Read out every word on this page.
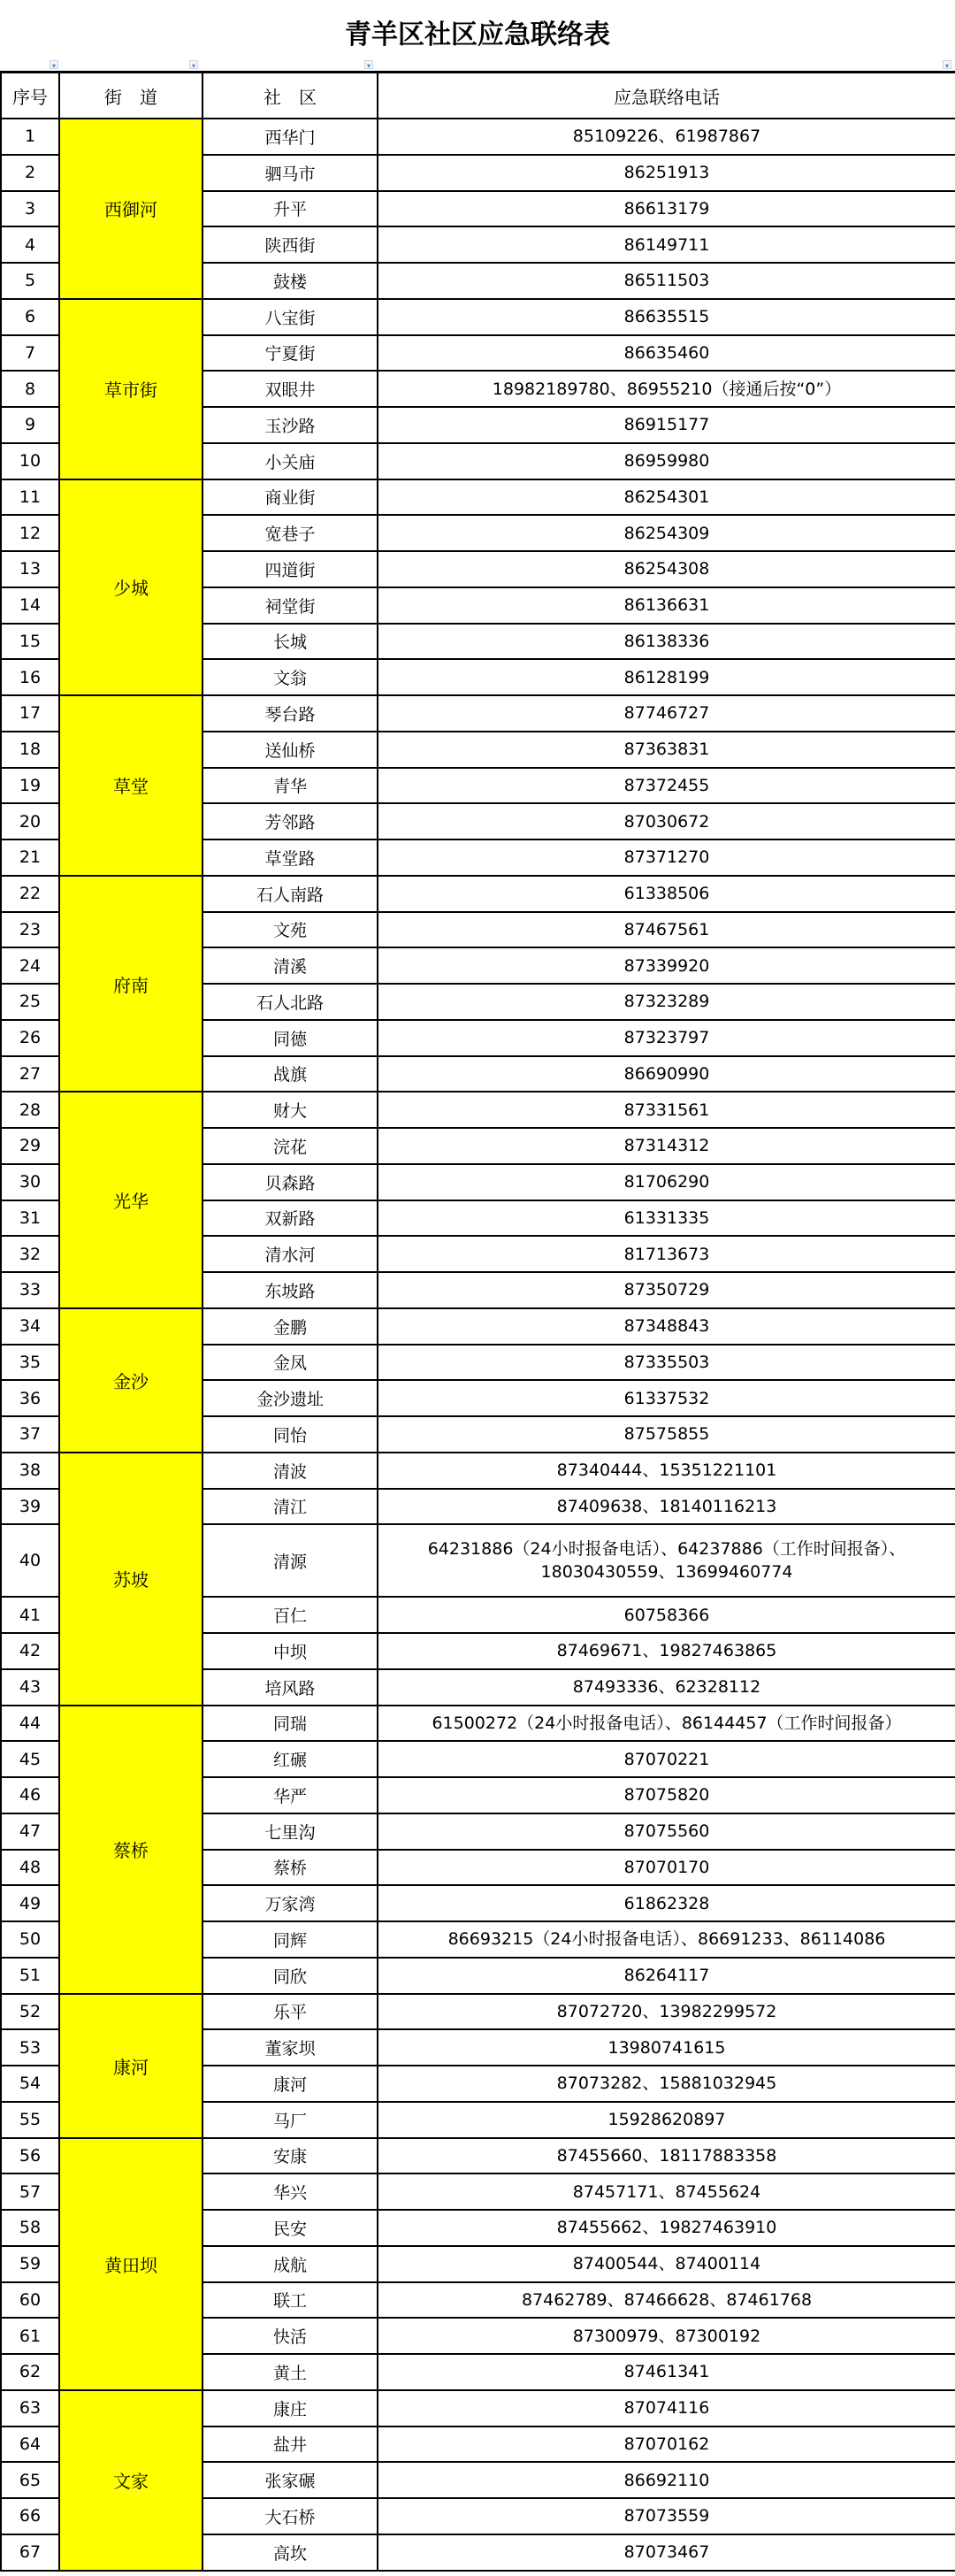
青羊区社区应急联络表
▾	▾	▾	▾
序号	街　道	社　区	应急联络电话
1	西御河	西华门	85109226、61987867
2		驷马市	86251913
3		升平	86613179
4		陕西街	86149711
5		鼓楼	86511503
6	草市街	八宝街	86635515
7		宁夏街	86635460
8		双眼井	18982189780、86955210（接通后按“0”）
9		玉沙路	86915177
10		小关庙	86959980
11	少城	商业街	86254301
12		宽巷子	86254309
13		四道街	86254308
14		祠堂街	86136631
15		长城	86138336
16		文翁	86128199
17	草堂	琴台路	87746727
18		送仙桥	87363831
19		青华	87372455
20		芳邻路	87030672
21		草堂路	87371270
22	府南	石人南路	61338506
23		文苑	87467561
24		清溪	87339920
25		石人北路	87323289
26		同德	87323797
27		战旗	86690990
28	光华	财大	87331561
29		浣花	87314312
30		贝森路	81706290
31		双新路	61331335
32		清水河	81713673
33		东坡路	87350729
34	金沙	金鹏	87348843
35		金凤	87335503
36		金沙遗址	61337532
37		同怡	87575855
38	苏坡	清波	87340444、15351221101
39		清江	87409638、18140116213
40		清源	64231886（24小时报备电话）、64237886（工作时间报备）、18030430559、13699460774
41		百仁	60758366
42		中坝	87469671、19827463865
43		培风路	87493336、62328112
44	蔡桥	同瑞	61500272（24小时报备电话）、86144457（工作时间报备）
45		红碾	87070221
46		华严	87075820
47		七里沟	87075560
48		蔡桥	87070170
49		万家湾	61862328
50		同辉	86693215（24小时报备电话）、86691233、86114086
51		同欣	86264117
52	康河	乐平	87072720、13982299572
53		董家坝	13980741615
54		康河	87073282、15881032945
55		马厂	15928620897
56	黄田坝	安康	87455660、18117883358
57		华兴	87457171、87455624
58		民安	87455662、19827463910
59		成航	87400544、87400114
60		联工	87462789、87466628、87461768
61		快活	87300979、87300192
62		黄土	87461341
63	文家	康庄	87074116
64		盐井	87070162
65		张家碾	86692110
66		大石桥	87073559
67		高坎	87073467
